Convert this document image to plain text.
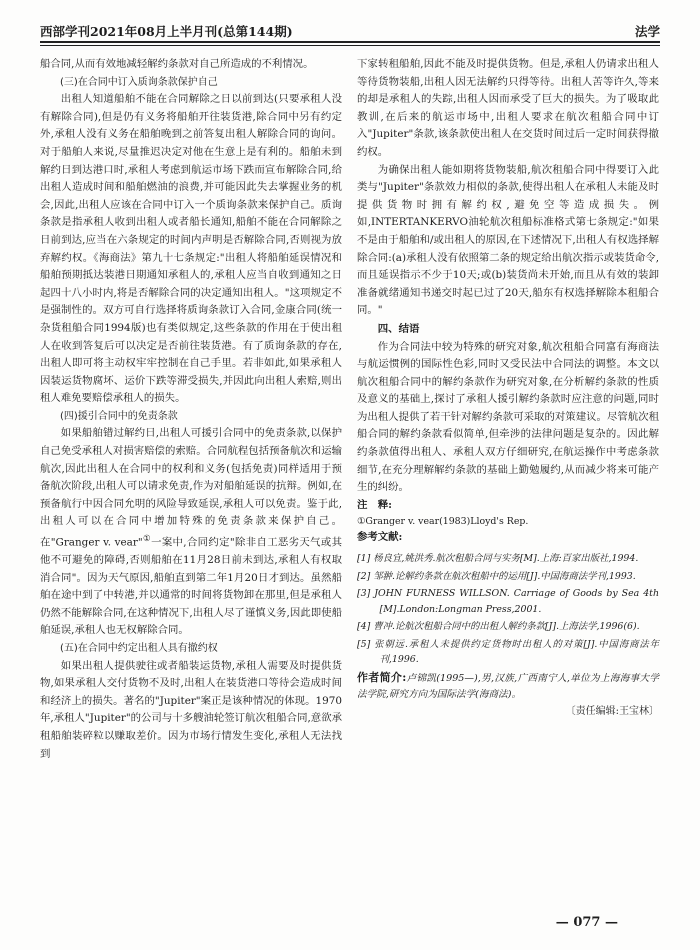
西部学刊2021年08月上半月刊(总第144期)	法学

船合同,从而有效地减轻解约条款对自己所造成的不利情况。

(三)在合同中订入质询条款保护自己

出租人知道船舶不能在合同解除之日以前到达(只要承租人没有解除合同),但是仍有义务将船舶开往装货港,除合同中另有约定外,承租人没有义务在船舶晚到之前答复出租人解除合同的询问。对于船舶人来说,尽量推迟决定对他在生意上是有利的。船舶未到解约日到达港口时,承租人考虑到航运市场下跌而宣布解除合同,给出租人造成时间和船舶燃油的浪费,并可能因此失去掌握业务的机会,因此,出租人应该在合同中订入一个质询条款来保护自己。质询条款是指承租人收到出租人或者船长通知,船舶不能在合同解除之日前到达,应当在六条规定的时间内声明是否解除合同,否则视为放弃解约权。《海商法》第九十七条规定:"出租人将船舶延误情况和船舶预期抵达装港日期通知承租人的,承租人应当自收到通知之日起四十八小时内,将是否解除合同的决定通知出租人。"这项规定不是强制性的。双方可自行选择将质询条款订入合同,金康合同(统一杂货租船合同1994版)也有类似规定,这些条款的作用在于使出租人在收到答复后可以决定是否前往装货港。有了质询条款的存在,出租人即可将主动权牢牢控制在自己手里。若非如此,如果承租人因装运货物腐坏、运价下跌等滞受损失,并因此向出租人索赔,则出租人难免要赔偿承租人的损失。

(四)援引合同中的免责条款

如果船舶错过解约日,出租人可援引合同中的免责条款,以保护自己免受承租人对损害赔偿的索赔。合同航程包括预备航次和运输航次,因此出租人在合同中的权利和义务(包括免责)同样适用于预备航次阶段,出租人可以请求免责,作为对船舶延误的抗辩。例如,在预备航行中因合同允明的风险导致延误,承租人可以免责。鉴于此,出租人可以在合同中增加特殊的免责条款来保护自己。在"Granger v. vear"①一案中,合同约定"除非自工恶劣天气或其他不可避免的障碍,否则船舶在11月28日前未到达,承租人有权取消合同"。因为天气原因,船舶直到第二年1月20日才到达。虽然船舶在途中到了中转港,并以通常的时间将货物卸在那里,但是承租人仍然不能解除合同,在这种情况下,出租人尽了谨慎义务,因此即使船舶延误,承租人也无权解除合同。

(五)在合同中约定出租人具有撤约权

如果出租人提供驶往或者船装运货物,承租人需要及时提供货物,如果承租人交付货物不及时,出租人在装货港口等待会造成时间和经济上的损失。著名的"Jupiter"案正是该种情况的体现。1970年,承租人"Jupiter"的公司与十多艘油轮签订航次租船合同,意欲承租船舶装碎粒以赚取差价。因为市场行情发生变化,承租人无法找到

下家转租船舶,因此不能及时提供货物。但是,承租人仍请求出租人等待货物装船,出租人因无法解约只得等待。出租人苦等许久,等来的却是承租人的失踪,出租人因而承受了巨大的损失。为了吸取此教训,在后来的航运市场中,出租人要求在航次租船合同中订入"Jupiter"条款,该条款使出租人在交货时间过后一定时间获得撤约权。

为确保出租人能如期将货物装船,航次租船合同中得要订入此类与"Jupiter"条款效力相似的条款,使得出租人在承租人未能及时提供货物时拥有解约权,避免空等造成损失。例如,INTERTANKERVO油轮航次租船标准格式第七条规定:"如果不是由于船舶和/或出租人的原因,在下述情况下,出租人有权选择解除合同:(a)承租人没有依照第二条的规定给出航次指示或装货命令,而且延误指示不少于10天;或(b)装货尚未开始,而且从有效的装卸准备就绪通知书递交时起已过了20天,船东有权选择解除本租船合同。"

四、结语

作为合同法中较为特殊的研究对象,航次租船合同富有海商法与航运惯例的国际性色彩,同时又受民法中合同法的调整。本文以航次租船合同中的解约条款作为研究对象,在分析解约条款的性质及意义的基础上,探讨了承租人援引解约条款时应注意的问题,同时为出租人提供了若干针对解约条款可采取的对策建议。尽管航次租船合同的解约条款看似简单,但牵涉的法律问题是复杂的。因此解约条款值得出租人、承租人双方仔细研究,在航运操作中考虑条款细节,在充分理解解约条款的基础上勤勉履约,从而减少将来可能产生的纠纷。

注　释:

①Granger v. vear(1983)Lloyd's Rep.

参考文献:

[1] 杨良宜,姚洪秀.航次租船合同与实务[M].上海:百家出版社,1994.
[2] 邹翀.论解约条款在航次租船中的运用[J].中国海商法学刊,1993.
[3] JOHN FURNESS WILLSON. Carriage of Goods by Sea 4th [M].London:Longman Press,2001.
[4] 曹冲.论航次租船合同中的出租人解约条款[J].上海法学,1996(6).
[5] 张朝远.承租人未提供约定货物时出租人的对策[J].中国海商法年刊,1996.

作者简介:卢锦凯(1995—),男,汉族,广西南宁人,单位为上海海事大学法学院,研究方向为国际法学(海商法)。

〔责任编辑:王宝林〕

— 077 —
